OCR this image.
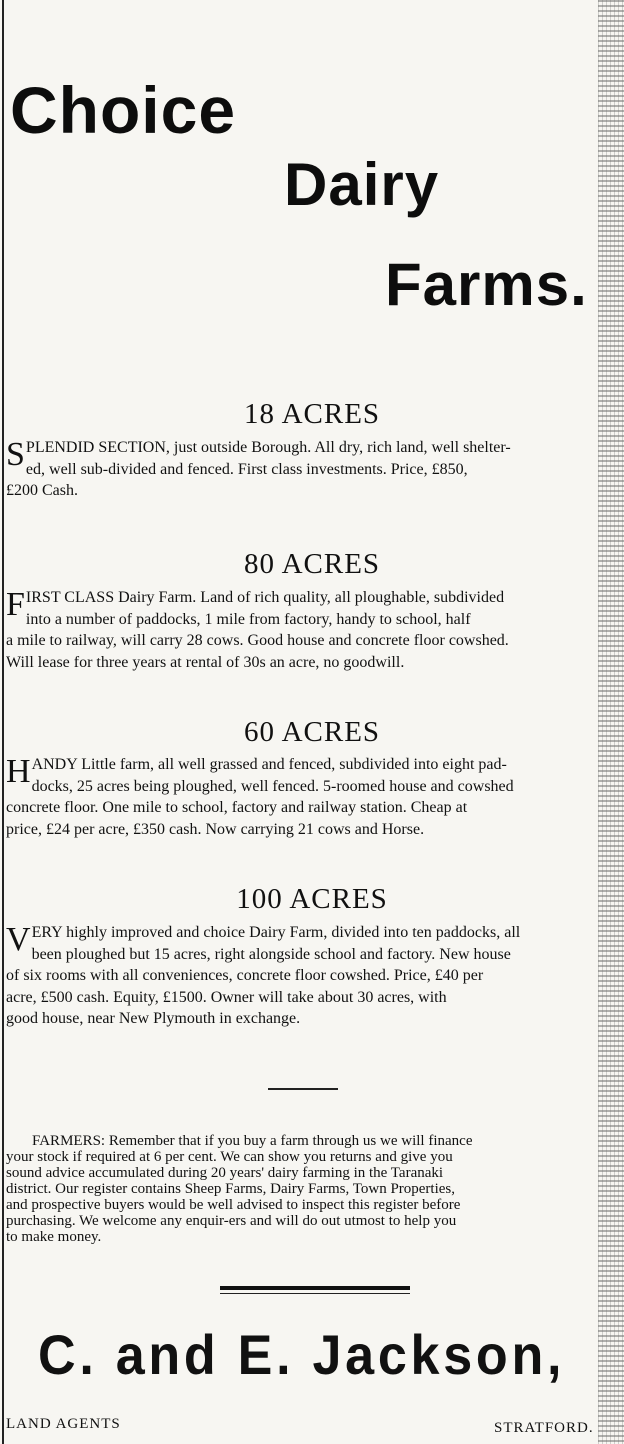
Choice
Dairy
Farms.
18 ACRES
S PLENDID SECTION, just outside Borough. All dry, rich land, well shelter-
ed, well sub-divided and fenced. First class investments. Price, £850,
£200 Cash.
80 ACRES
F IRST CLASS Dairy Farm. Land of rich quality, all ploughable, subdivided
into a number of paddocks, 1 mile from factory, handy to school, half
a mile to railway, will carry 28 cows. Good house and concrete floor cowshed.
Will lease for three years at rental of 30s an acre, no goodwill.
60 ACRES
H ANDY Little farm, all well grassed and fenced, subdivided into eight pad-
docks, 25 acres being ploughed, well fenced. 5-roomed house and cowshed
concrete floor. One mile to school, factory and railway station. Cheap at
price, £24 per acre, £350 cash. Now carrying 21 cows and Horse.
100 ACRES
V ERY highly improved and choice Dairy Farm, divided into ten paddocks, all
been ploughed but 15 acres, right alongside school and factory. New house
of six rooms with all conveniences, concrete floor cowshed. Price, £40 per
acre, £500 cash. Equity, £1500. Owner will take about 30 acres, with
good house, near New Plymouth in exchange.
FARMERS: Remember that if you buy a farm through us we will finance
your stock if required at 6 per cent. We can show you returns and give you
sound advice accumulated during 20 years' dairy farming in the Taranaki
district. Our register contains Sheep Farms, Dairy Farms, Town Properties,
and prospective buyers would be well advised to inspect this register before
purchasing. We welcome any enquir-ers and will do out utmost to help you
to make money.
C. and E. Jackson,
LAND AGENTS	STRATFORD.
